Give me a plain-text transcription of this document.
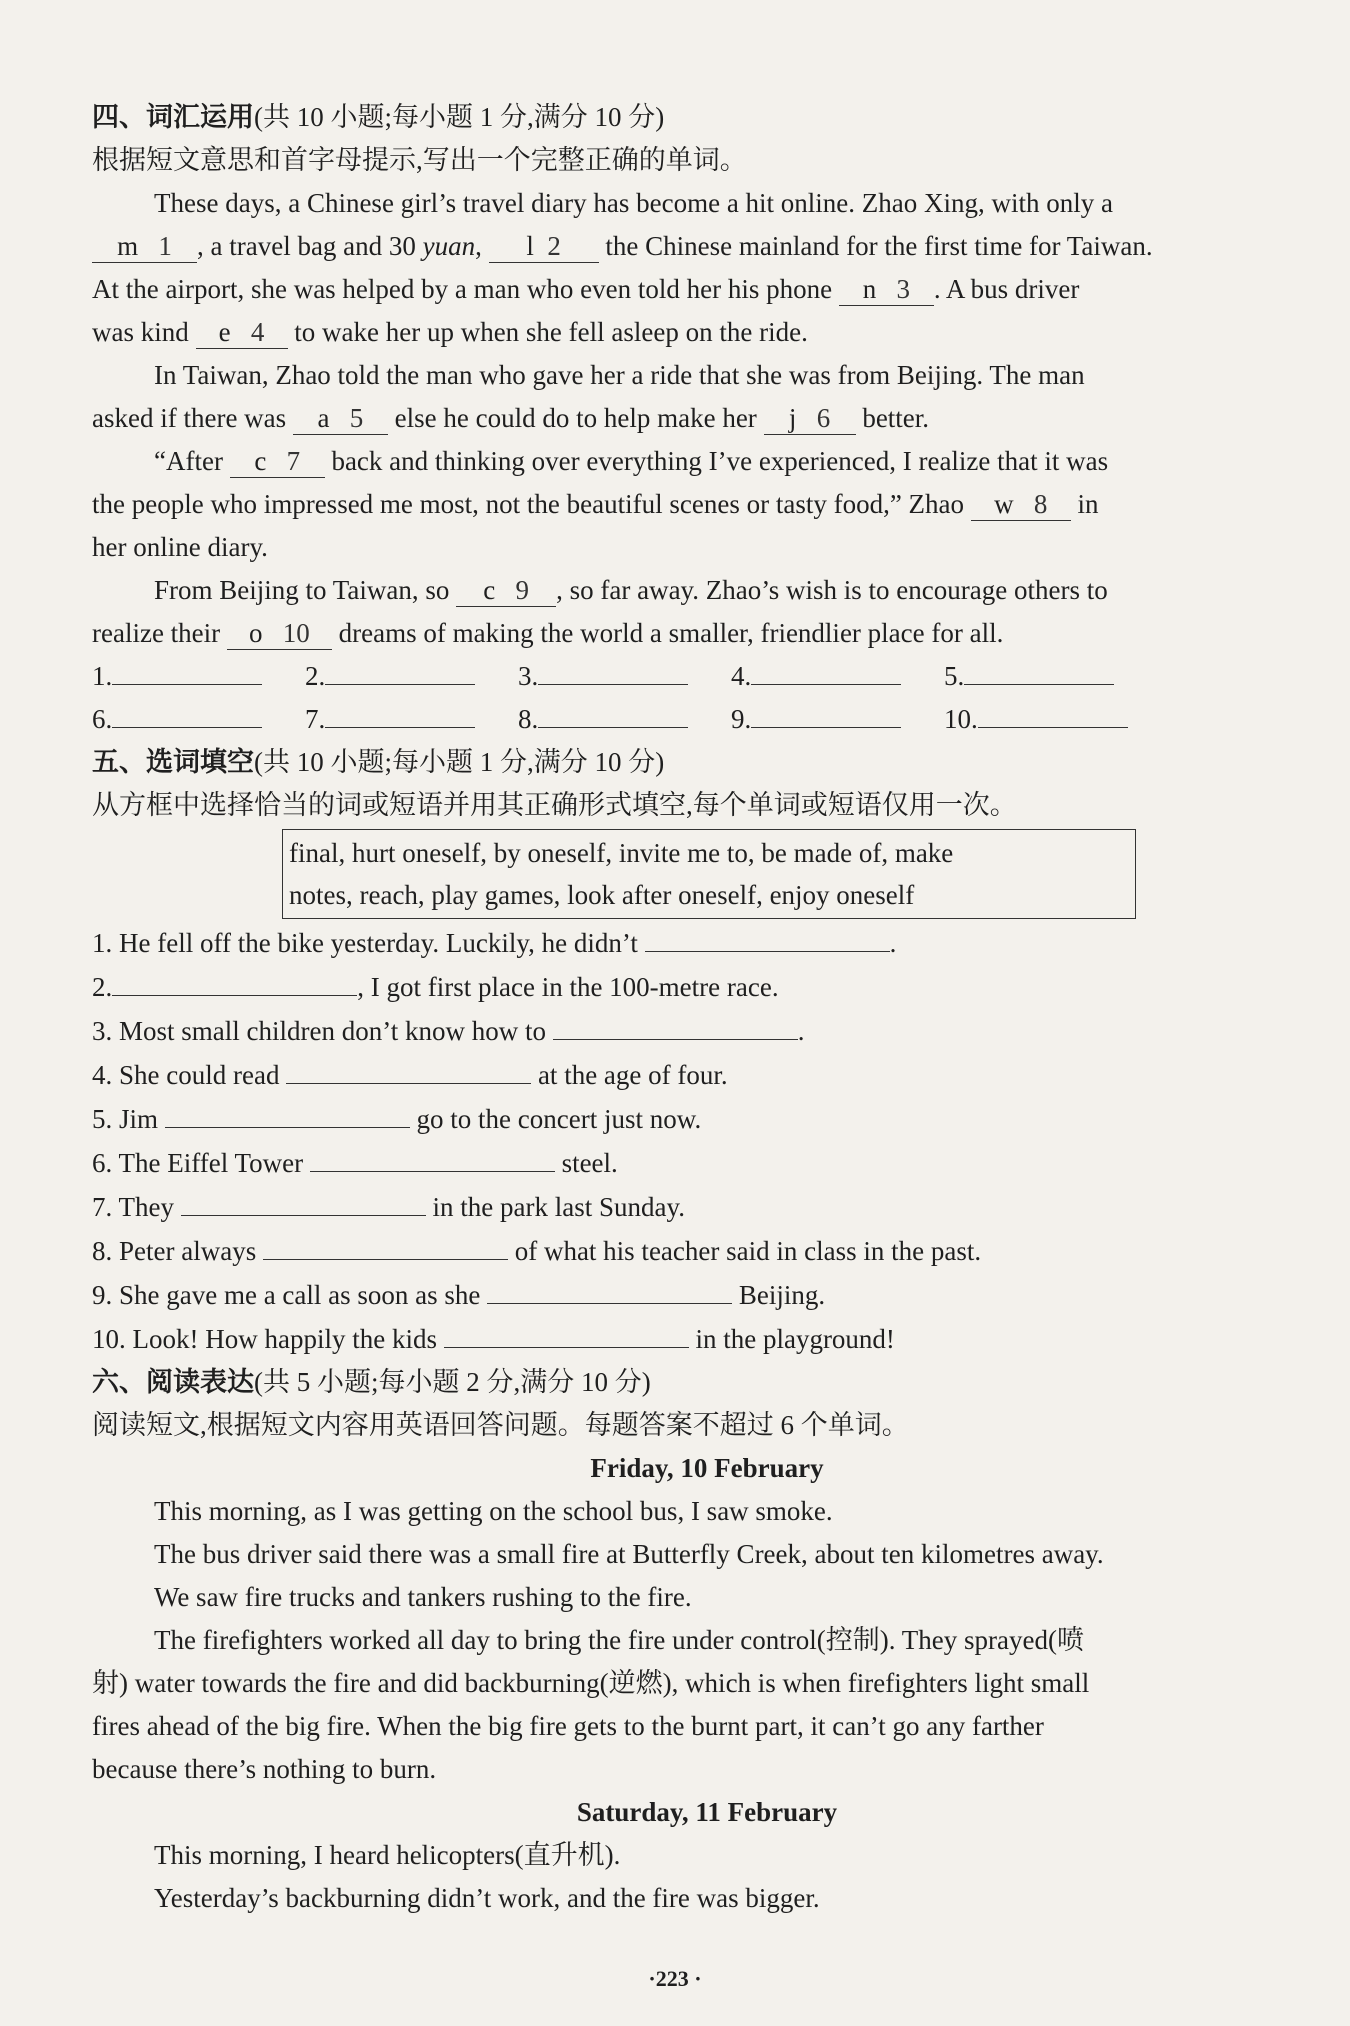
四、词汇运用(共 10 小题;每小题 1 分,满分 10 分)
根据短文意思和首字母提示,写出一个完整正确的单词。
These days, a Chinese girl’s travel diary has become a hit online. Zhao Xing, with only a
m 1 , a travel bag and 30 yuan, l 2 the Chinese mainland for the first time for Taiwan.
At the airport, she was helped by a man who even told her his phone n 3 . A bus driver
was kind e 4 to wake her up when she fell asleep on the ride.
In Taiwan, Zhao told the man who gave her a ride that she was from Beijing. The man
asked if there was a 5 else he could do to help make her j 6 better.
“After c 7 back and thinking over everything I’ve experienced, I realize that it was
the people who impressed me most, not the beautiful scenes or tasty food,” Zhao w 8 in
her online diary.
From Beijing to Taiwan, so c 9 , so far away. Zhao’s wish is to encourage others to
realize their o 10 dreams of making the world a smaller, friendlier place for all.
1.	2.	3.	4.	5.
6.	7.	8.	9.	10.
五、选词填空(共 10 小题;每小题 1 分,满分 10 分)
从方框中选择恰当的词或短语并用其正确形式填空,每个单词或短语仅用一次。
final, hurt oneself, by oneself, invite me to, be made of, make
notes, reach, play games, look after oneself, enjoy oneself
1. He fell off the bike yesterday. Luckily, he didn’t	.
2.	, I got first place in the 100-metre race.
3. Most small children don’t know how to	.
4. She could read	at the age of four.
5. Jim	go to the concert just now.
6. The Eiffel Tower	steel.
7. They	in the park last Sunday.
8. Peter always	of what his teacher said in class in the past.
9. She gave me a call as soon as she	Beijing.
10. Look! How happily the kids	in the playground!
六、阅读表达(共 5 小题;每小题 2 分,满分 10 分)
阅读短文,根据短文内容用英语回答问题。每题答案不超过 6 个单词。
Friday, 10 February
This morning, as I was getting on the school bus, I saw smoke.
The bus driver said there was a small fire at Butterfly Creek, about ten kilometres away.
We saw fire trucks and tankers rushing to the fire.
The firefighters worked all day to bring the fire under control(控制). They sprayed(喷
射) water towards the fire and did backburning(逆燃), which is when firefighters light small
fires ahead of the big fire. When the big fire gets to the burnt part, it can’t go any farther
because there’s nothing to burn.
Saturday, 11 February
This morning, I heard helicopters(直升机).
Yesterday’s backburning didn’t work, and the fire was bigger.
·223 ·
